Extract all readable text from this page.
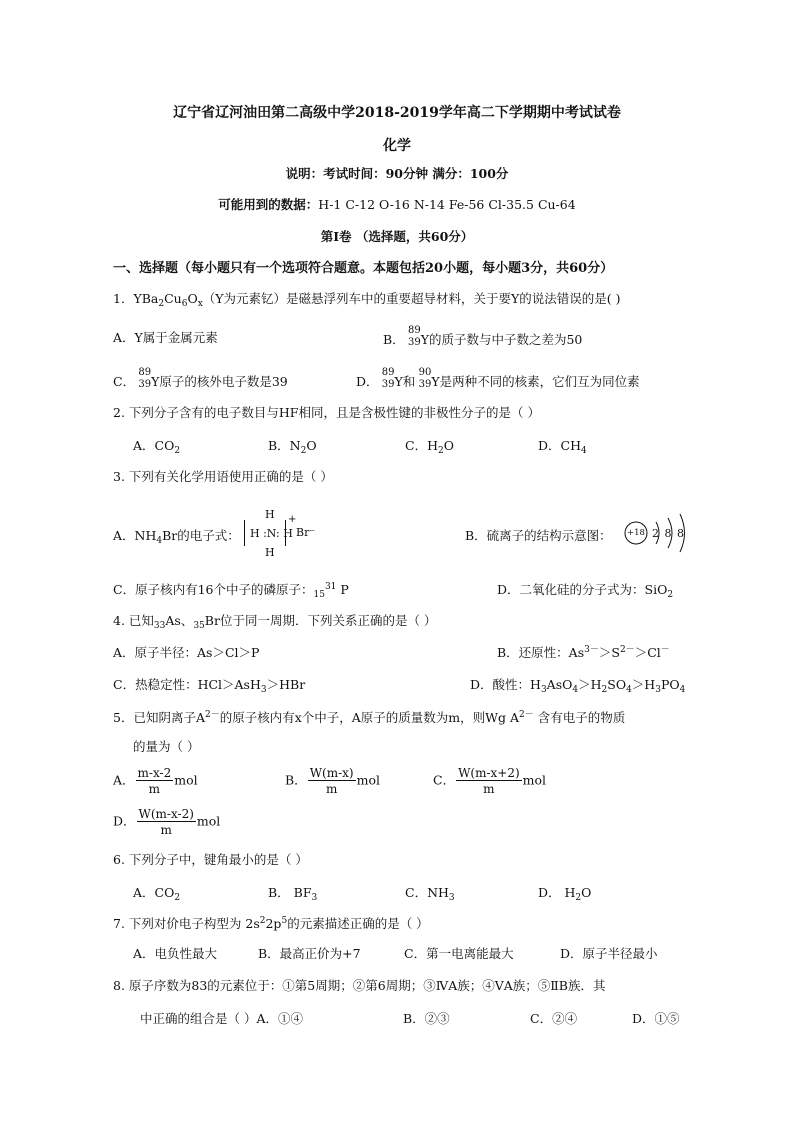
辽宁省辽河油田第二高级中学2018-2019学年高二下学期期中考试试卷
化学
说明：考试时间：90分钟 满分：100分
可能用到的数据：H-1 C-12 O-16 N-14 Fe-56 Cl-35.5 Cu-64
第Ⅰ卷 （选择题，共60分）
一、选择题（每小题只有一个选项符合题意。本题包括20小题，每小题3分，共60分）
1．$YBa_2Cu_6O_x(Y$为元素钇）是磁悬浮列车中的重要超导材料，关于要Y的说法错误的是( )
A．Y属于金属元素	B．
89
39 Y的质子数与中子数之差为50
C．
89
39 Y原子的核外电子数是39	D．
89
39 Y和
90
39 Y是两种不同的核素，它们互为同位素
2. 下列分子含有的电子数目与HF相同，且是含极性键的非极性分子的是（ ）
A．$CO_2$	B．$N_2O$	C．$H_2O$	D．$CH_4$
3. 下列有关化学用语使用正确的是（ ）
A．$NH_4Br$的电子式：
H
H :N: H
H
+
Br⁻	B．硫离子的结构示意图： +18 2 8 8
C．原子核内有16个中子的磷原子：$_{15}^{31}$ P	D．二氧化硅的分子式为：SiO$_2$
4. 已知$_{33}$As、$_{35}$Br位于同一周期．下列关系正确的是（ ）
A．原子半径：As＞Cl＞P	B．还原性：$As^{3-}>S^{2-}>Cl^-$
C．热稳定性：HCl＞AsH$_3$＞HBr	D．酸性：$H_3AsO_4>H_2SO_4>H_3PO_4$
5．已知阴离子$A^{2-}$的原子核内有x个中子，A原子的质量数为m，则Wg $A^{2-}$ 含有电子的物质
的量为（ ）
A． $\frac{m-x-2}{m}$ mol	B． $\frac{W(m-x)}{m}$ mol	C． $\frac{W(m-x+2)}{m}$ mol
D． $\frac{W(m-x-2)}{m}$ mol
6. 下列分子中，键角最小的是（ ）
A．$CO_2$	B． $BF_3$	C．$NH_3$	D． $H_2O$
7. 下列对价电子构型为 $2s^22p^5$的元素描述正确的是（ ）
A．电负性最大	B．最高正价为+7	C．第一电离能最大	D．原子半径最小
8. 原子序数为83的元素位于：①第5周期；②第6周期；③ⅣA族；④ⅤA族；⑤ⅡB族．其
中正确的组合是（ ）A．①④	B．②③	C．②④	D．①⑤
